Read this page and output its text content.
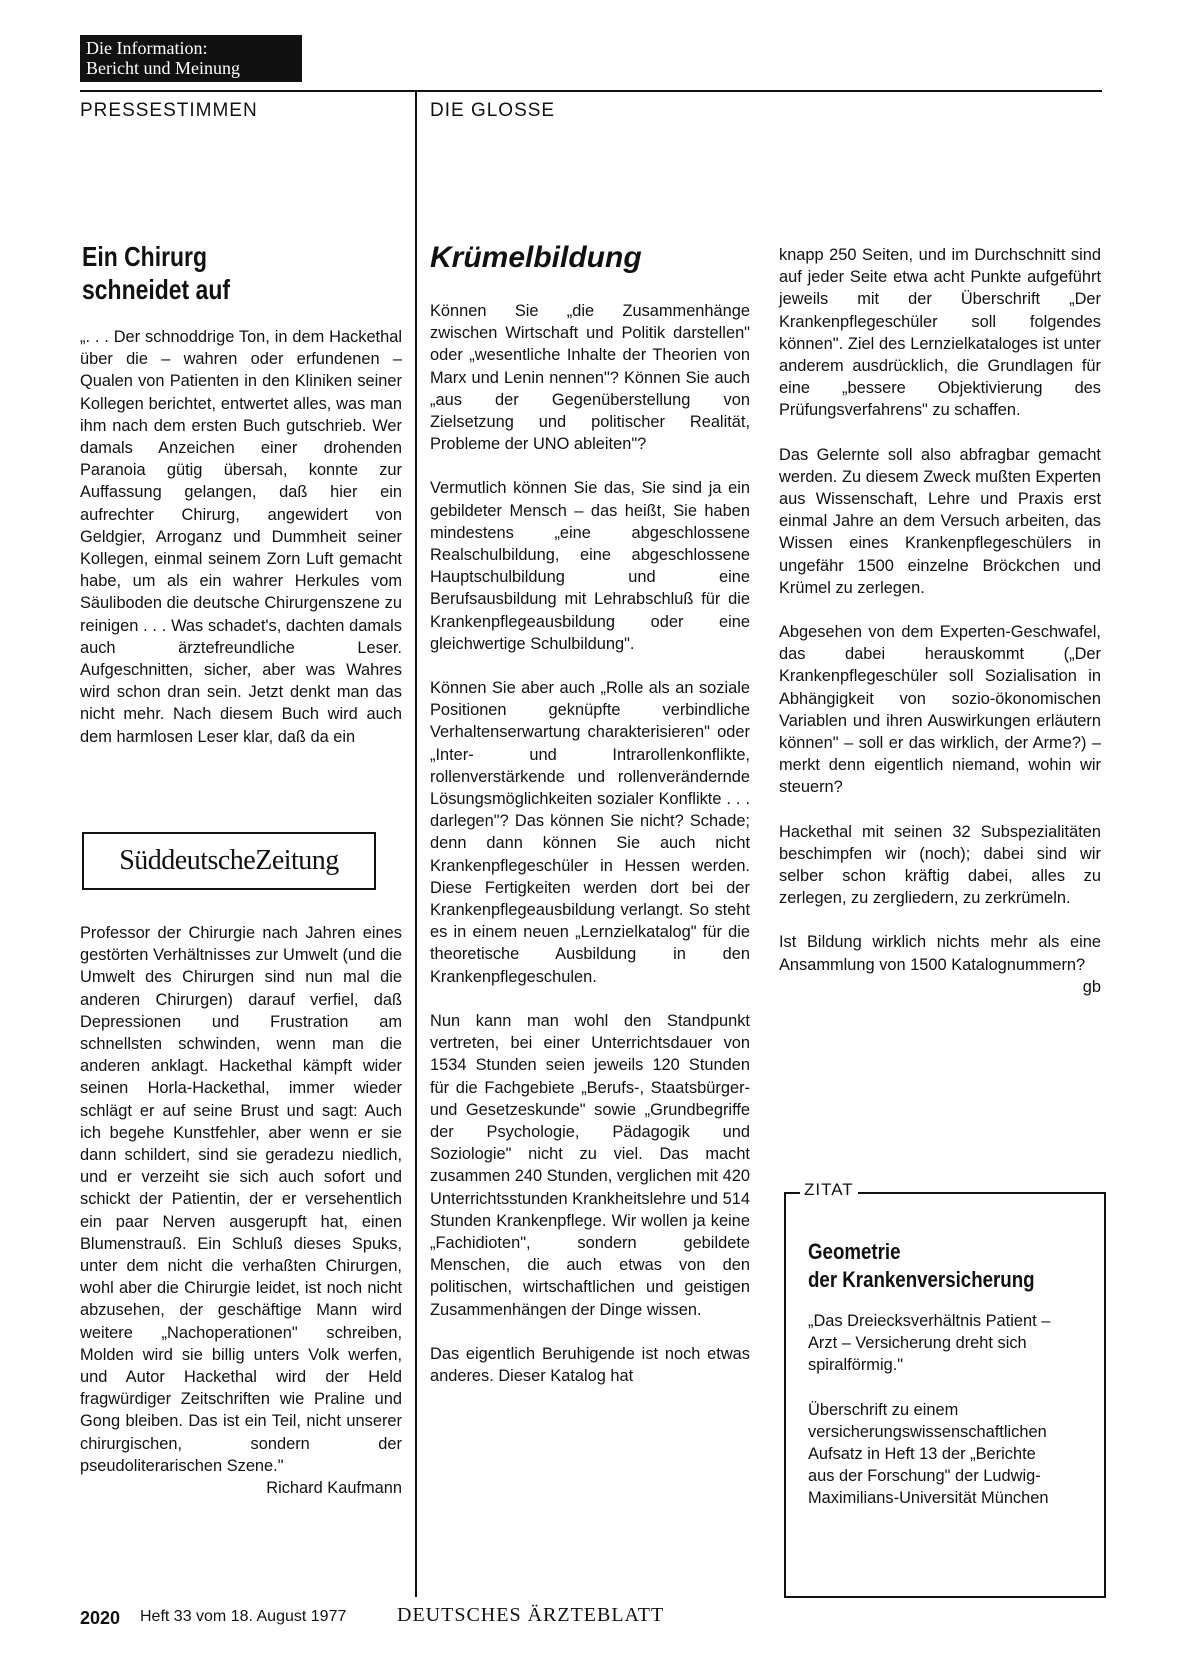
Die Information:
Bericht und Meinung
PRESSESTIMMEN	DIE GLOSSE
Ein Chirurg
schneidet auf

„. . . Der schnoddrige Ton, in dem Hackethal über die – wahren oder erfundenen – Qualen von Patienten in den Kliniken seiner Kollegen berichtet, entwertet alles, was man ihm nach dem ersten Buch gutschrieb. Wer damals Anzeichen einer drohenden Paranoia gütig übersah, konnte zur Auffassung gelangen, daß hier ein aufrechter Chirurg, angewidert von Geldgier, Arroganz und Dummheit seiner Kollegen, einmal seinem Zorn Luft gemacht habe, um als ein wahrer Herkules vom Säuliboden die deutsche Chirurgenszene zu reinigen . . . Was schadet's, dachten damals auch ärztefreundliche Leser. Aufgeschnitten, sicher, aber was Wahres wird schon dran sein. Jetzt denkt man das nicht mehr. Nach diesem Buch wird auch dem harmlosen Leser klar, daß da ein

SüddeutscheZeitung

Professor der Chirurgie nach Jahren eines gestörten Verhältnisses zur Umwelt (und die Umwelt des Chirurgen sind nun mal die anderen Chirurgen) darauf verfiel, daß Depressionen und Frustration am schnellsten schwinden, wenn man die anderen anklagt. Hackethal kämpft wider seinen Horla-Hackethal, immer wieder schlägt er auf seine Brust und sagt: Auch ich begehe Kunstfehler, aber wenn er sie dann schildert, sind sie geradezu niedlich, und er verzeiht sie sich auch sofort und schickt der Patientin, der er versehentlich ein paar Nerven ausgerupft hat, einen Blumenstrauß. Ein Schluß dieses Spuks, unter dem nicht die verhaßten Chirurgen, wohl aber die Chirurgie leidet, ist noch nicht abzusehen, der geschäftige Mann wird weitere „Nachoperationen" schreiben, Molden wird sie billig unters Volk werfen, und Autor Hackethal wird der Held fragwürdiger Zeitschriften wie Praline und Gong bleiben. Das ist ein Teil, nicht unserer chirurgischen, sondern der pseudoliterarischen Szene."
Richard Kaufmann

Krümelbildung

Können Sie „die Zusammenhänge zwischen Wirtschaft und Politik darstellen" oder „wesentliche Inhalte der Theorien von Marx und Lenin nennen"? Können Sie auch „aus der Gegenüberstellung von Zielsetzung und politischer Realität, Probleme der UNO ableiten"?

Vermutlich können Sie das, Sie sind ja ein gebildeter Mensch – das heißt, Sie haben mindestens „eine abgeschlossene Realschulbildung, eine abgeschlossene Hauptschulbildung und eine Berufsausbildung mit Lehrabschluß für die Krankenpflegeausbildung oder eine gleichwertige Schulbildung".

Können Sie aber auch „Rolle als an soziale Positionen geknüpfte verbindliche Verhaltenserwartung charakterisieren" oder „Inter- und Intrarollenkonflikte, rollenverstärkende und rollenverändernde Lösungsmöglichkeiten sozialer Konflikte . . . darlegen"? Das können Sie nicht? Schade; denn dann können Sie auch nicht Krankenpflegeschüler in Hessen werden. Diese Fertigkeiten werden dort bei der Krankenpflegeausbildung verlangt. So steht es in einem neuen „Lernzielkatalog" für die theoretische Ausbildung in den Krankenpflegeschulen.

Nun kann man wohl den Standpunkt vertreten, bei einer Unterrichtsdauer von 1534 Stunden seien jeweils 120 Stunden für die Fachgebiete „Berufs-, Staatsbürger- und Gesetzeskunde" sowie „Grundbegriffe der Psychologie, Pädagogik und Soziologie" nicht zu viel. Das macht zusammen 240 Stunden, verglichen mit 420 Unterrichtsstunden Krankheitslehre und 514 Stunden Krankenpflege. Wir wollen ja keine „Fachidioten", sondern gebildete Menschen, die auch etwas von den politischen, wirtschaftlichen und geistigen Zusammenhängen der Dinge wissen.

Das eigentlich Beruhigende ist noch etwas anderes. Dieser Katalog hat

knapp 250 Seiten, und im Durchschnitt sind auf jeder Seite etwa acht Punkte aufgeführt jeweils mit der Überschrift „Der Krankenpflegeschüler soll folgendes können". Ziel des Lernzielkataloges ist unter anderem ausdrücklich, die Grundlagen für eine „bessere Objektivierung des Prüfungsverfahrens" zu schaffen.

Das Gelernte soll also abfragbar gemacht werden. Zu diesem Zweck mußten Experten aus Wissenschaft, Lehre und Praxis erst einmal Jahre an dem Versuch arbeiten, das Wissen eines Krankenpflegeschülers in ungefähr 1500 einzelne Bröckchen und Krümel zu zerlegen.

Abgesehen von dem Experten-Geschwafel, das dabei herauskommt („Der Krankenpflegeschüler soll Sozialisation in Abhängigkeit von sozio-ökonomischen Variablen und ihren Auswirkungen erläutern können" – soll er das wirklich, der Arme?) – merkt denn eigentlich niemand, wohin wir steuern?

Hackethal mit seinen 32 Subspezialitäten beschimpfen wir (noch); dabei sind wir selber schon kräftig dabei, alles zu zerlegen, zu zergliedern, zu zerkrümeln.

Ist Bildung wirklich nichts mehr als eine Ansammlung von 1500 Katalognummern?
gb

ZITAT
Geometrie
der Krankenversicherung

„Das Dreiecksverhältnis Patient – Arzt – Versicherung dreht sich spiralförmig."

Überschrift zu einem versicherungswissenschaftlichen Aufsatz in Heft 13 der „Berichte aus der Forschung" der Ludwig-Maximilians-Universität München

2020 Heft 33 vom 18. August 1977	DEUTSCHES ÄRZTEBLATT
